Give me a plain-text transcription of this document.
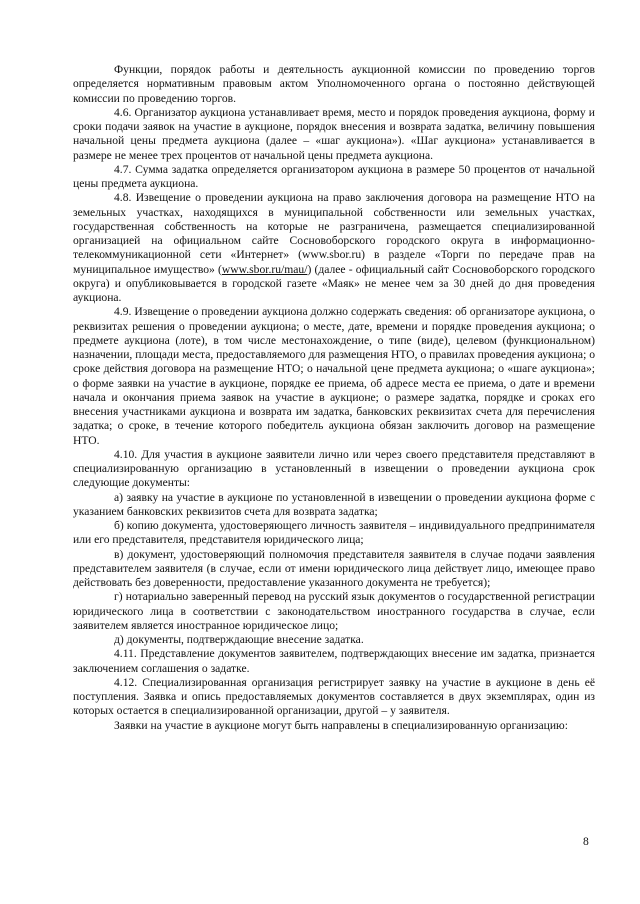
Функции, порядок работы и деятельность аукционной комиссии по проведению торгов определяется нормативным правовым актом Уполномоченного органа о постоянно действующей комиссии по проведению торгов.

4.6. Организатор аукциона устанавливает время, место и порядок проведения аукциона, форму и сроки подачи заявок на участие в аукционе, порядок внесения и возврата задатка, величину повышения начальной цены предмета аукциона (далее – «шаг аукциона»). «Шаг аукциона» устанавливается в размере не менее трех процентов от начальной цены предмета аукциона.

4.7. Сумма задатка определяется организатором аукциона в размере 50 процентов от начальной цены предмета аукциона.

4.8. Извещение о проведении аукциона на право заключения договора на размещение НТО на земельных участках, находящихся в муниципальной собственности или земельных участках, государственная собственность на которые не разграничена, размещается специализированной организацией на официальном сайте Сосновоборского городского округа в информационно-телекоммуникационной сети «Интернет» (www.sbor.ru) в разделе «Торги по передаче прав на муниципальное имущество» (www.sbor.ru/mau/) (далее - официальный сайт Сосновоборского городского округа) и опубликовывается в городской газете «Маяк» не менее чем за 30 дней до дня проведения аукциона.

4.9. Извещение о проведении аукциона должно содержать сведения: об организаторе аукциона, о реквизитах решения о проведении аукциона; о месте, дате, времени и порядке проведения аукциона; о предмете аукциона (лоте), в том числе местонахождение, о типе (виде), целевом (функциональном) назначении, площади места, предоставляемого для размещения НТО, о правилах проведения аукциона; о сроке действия договора на размещение НТО; о начальной цене предмета аукциона; о «шаге аукциона»; о форме заявки на участие в аукционе, порядке ее приема, об адресе места ее приема, о дате и времени начала и окончания приема заявок на участие в аукционе; о размере задатка, порядке и сроках его внесения участниками аукциона и возврата им задатка, банковских реквизитах счета для перечисления задатка; о сроке, в течение которого победитель аукциона обязан заключить договор на размещение НТО.

4.10. Для участия в аукционе заявители лично или через своего представителя представляют в специализированную организацию в установленный в извещении о проведении аукциона срок следующие документы:

а) заявку на участие в аукционе по установленной в извещении о проведении аукциона форме с указанием банковских реквизитов счета для возврата задатка;

б) копию документа, удостоверяющего личность заявителя – индивидуального предпринимателя или его представителя, представителя юридического лица;

в) документ, удостоверяющий полномочия представителя заявителя в случае подачи заявления представителем заявителя (в случае, если от имени юридического лица действует лицо, имеющее право действовать без доверенности, предоставление указанного документа не требуется);

г) нотариально заверенный перевод на русский язык документов о государственной регистрации юридического лица в соответствии с законодательством иностранного государства в случае, если заявителем является иностранное юридическое лицо;

д) документы, подтверждающие внесение задатка.

4.11. Представление документов заявителем, подтверждающих внесение им задатка, признается заключением соглашения о задатке.

4.12. Специализированная организация регистрирует заявку на участие в аукционе в день её поступления. Заявка и опись предоставляемых документов составляется в двух экземплярах, один из которых остается в специализированной организации, другой – у заявителя.

Заявки на участие в аукционе могут быть направлены в специализированную организацию:

8
